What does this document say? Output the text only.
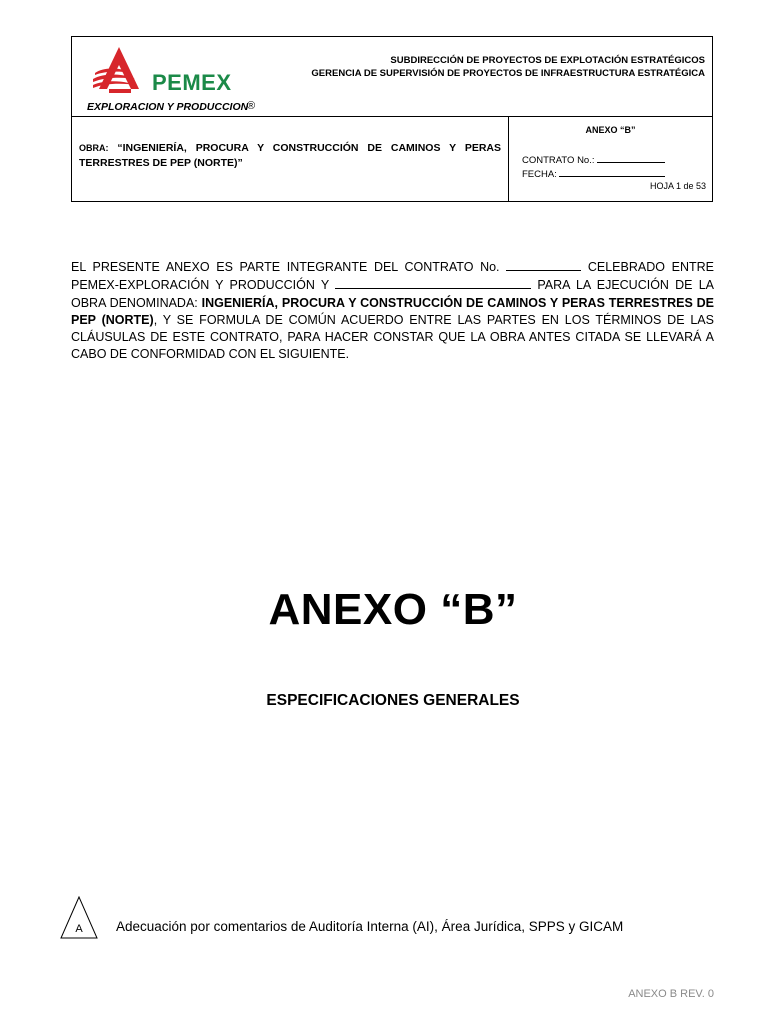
PEMEX
EXPLORACION Y PRODUCCION
®
SUBDIRECCIÓN DE PROYECTOS DE EXPLOTACIÓN ESTRATÉGICOS
GERENCIA DE SUPERVISIÓN DE PROYECTOS DE INFRAESTRUCTURA ESTRATÉGICA
OBRA: “INGENIERÍA, PROCURA Y CONSTRUCCIÓN DE CAMINOS Y PERAS TERRESTRES DE PEP (NORTE)”
ANEXO “B”
CONTRATO No.:
FECHA:
HOJA 1 de 53
EL PRESENTE ANEXO ES PARTE INTEGRANTE DEL CONTRATO No.	CELEBRADO ENTRE PEMEX-EXPLORACIÓN Y PRODUCCIÓN Y	PARA LA EJECUCIÓN DE LA OBRA DENOMINADA: INGENIERÍA, PROCURA Y CONSTRUCCIÓN DE CAMINOS Y PERAS TERRESTRES DE PEP (NORTE), Y SE FORMULA DE COMÚN ACUERDO ENTRE LAS PARTES EN LOS TÉRMINOS DE LAS CLÁUSULAS DE ESTE CONTRATO, PARA HACER CONSTAR QUE LA OBRA ANTES CITADA SE LLEVARÁ A CABO DE CONFORMIDAD CON EL SIGUIENTE.
ANEXO “B”
ESPECIFICACIONES GENERALES
A Adecuación por comentarios de Auditoría Interna (AI), Área Jurídica, SPPS y GICAM
ANEXO B REV. 0
